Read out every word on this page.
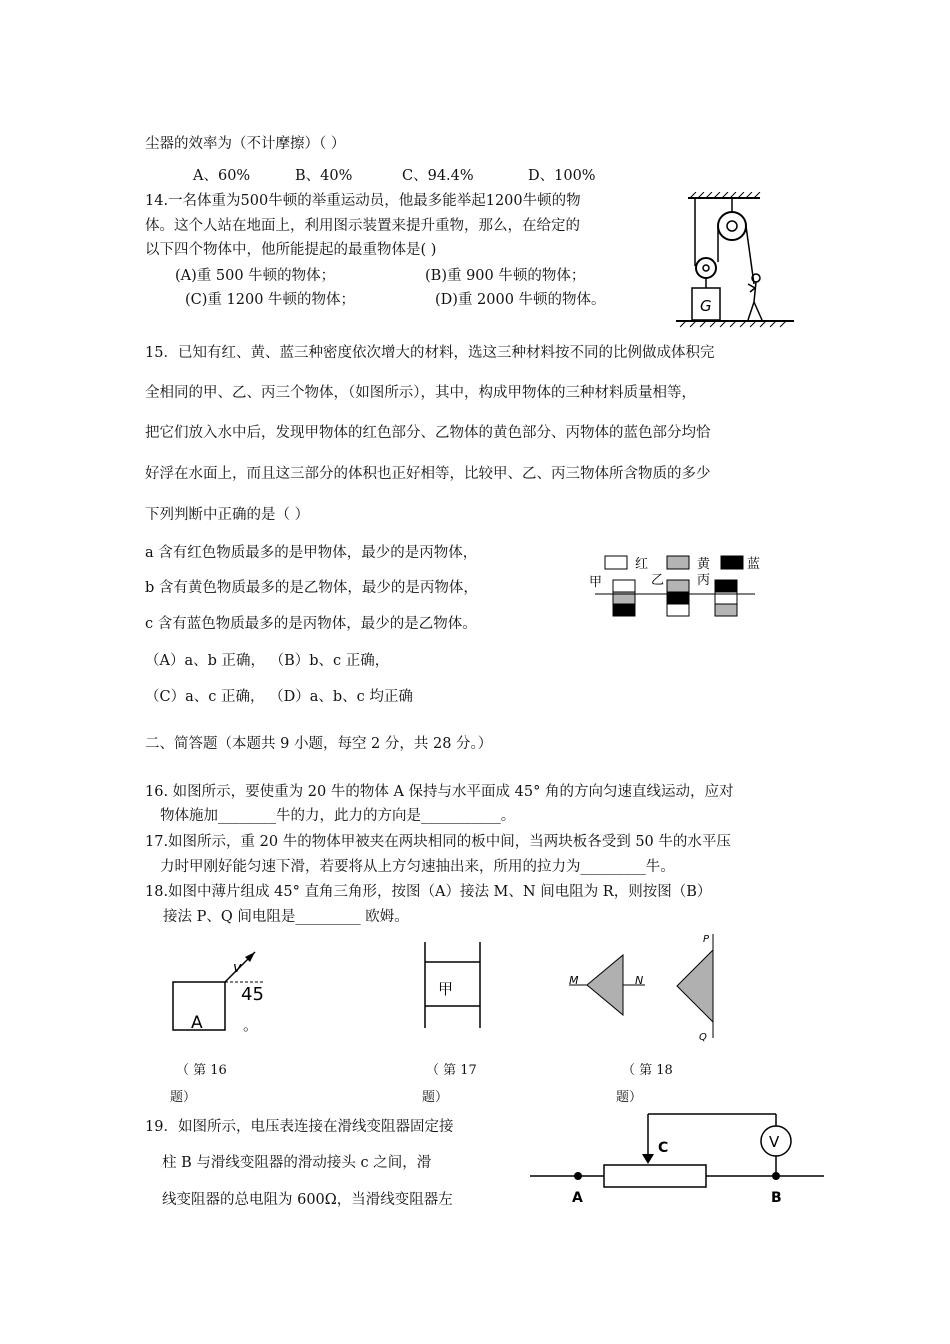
尘器的效率为（不计摩擦）（ ）
A、60%	B、40%	C、94.4%	D、100%
14.一名体重为500牛顿的举重运动员，他最多能举起1200牛顿的物
体。这个人站在地面上，利用图示装置来提升重物，那么，在给定的
以下四个物体中，他所能提起的最重物体是( )
(A)重 500 牛顿的物体；	(B)重 900 牛顿的物体；
(C)重 1200 牛顿的物体；	(D)重 2000 牛顿的物体。	G
15．已知有红、黄、蓝三种密度依次增大的材料，选这三种材料按不同的比例做成体积完
全相同的甲、乙、丙三个物体，（如图所示），其中，构成甲物体的三种材料质量相等，
把它们放入水中后，发现甲物体的红色部分、乙物体的黄色部分、丙物体的蓝色部分均恰
好浮在水面上，而且这三部分的体积也正好相等，比较甲、乙、丙三物体所含物质的多少
下列判断中正确的是（ ）
a 含有红色物质最多的是甲物体，最少的是丙物体，
b 含有黄色物质最多的是乙物体，最少的是丙物体，
c 含有蓝色物质最多的是丙物体，最少的是乙物体。
（A）a、b 正确， （B）b、c 正确，
（C）a、c 正确， （D）a、b、c 均正确
红	黄	蓝
甲	乙	丙
二、简答题（本题共 9 小题，每空 2 分，共 28 分。）
16. 如图所示，要使重为 20 牛的物体 A 保持与水平面成 45° 角的方向匀速直线运动，应对
物体施加________牛的力，此力的方向是___________。
17.如图所示，重 20 牛的物体甲被夹在两块相同的板中间，当两块板各受到 50 牛的水平压
力时甲刚好能匀速下滑，若要将从上方匀速抽出来，所用的拉力为_________牛。
18.如图中薄片组成 45° 直角三角形，按图（A）接法 M、N 间电阻为 R，则按图（B）
接法 P、Q 间电阻是_________ 欧姆。
v
45
。
A
甲	M	N
P
Q
（ 第 16
题）
（ 第 17
题）
（ 第 18
题）
19．如图所示，电压表连接在滑线变阻器固定接
柱 B 与滑线变阻器的滑动接头 c 之间，滑
线变阻器的总电阻为 600Ω，当滑线变阻器左
C	V
A	B
